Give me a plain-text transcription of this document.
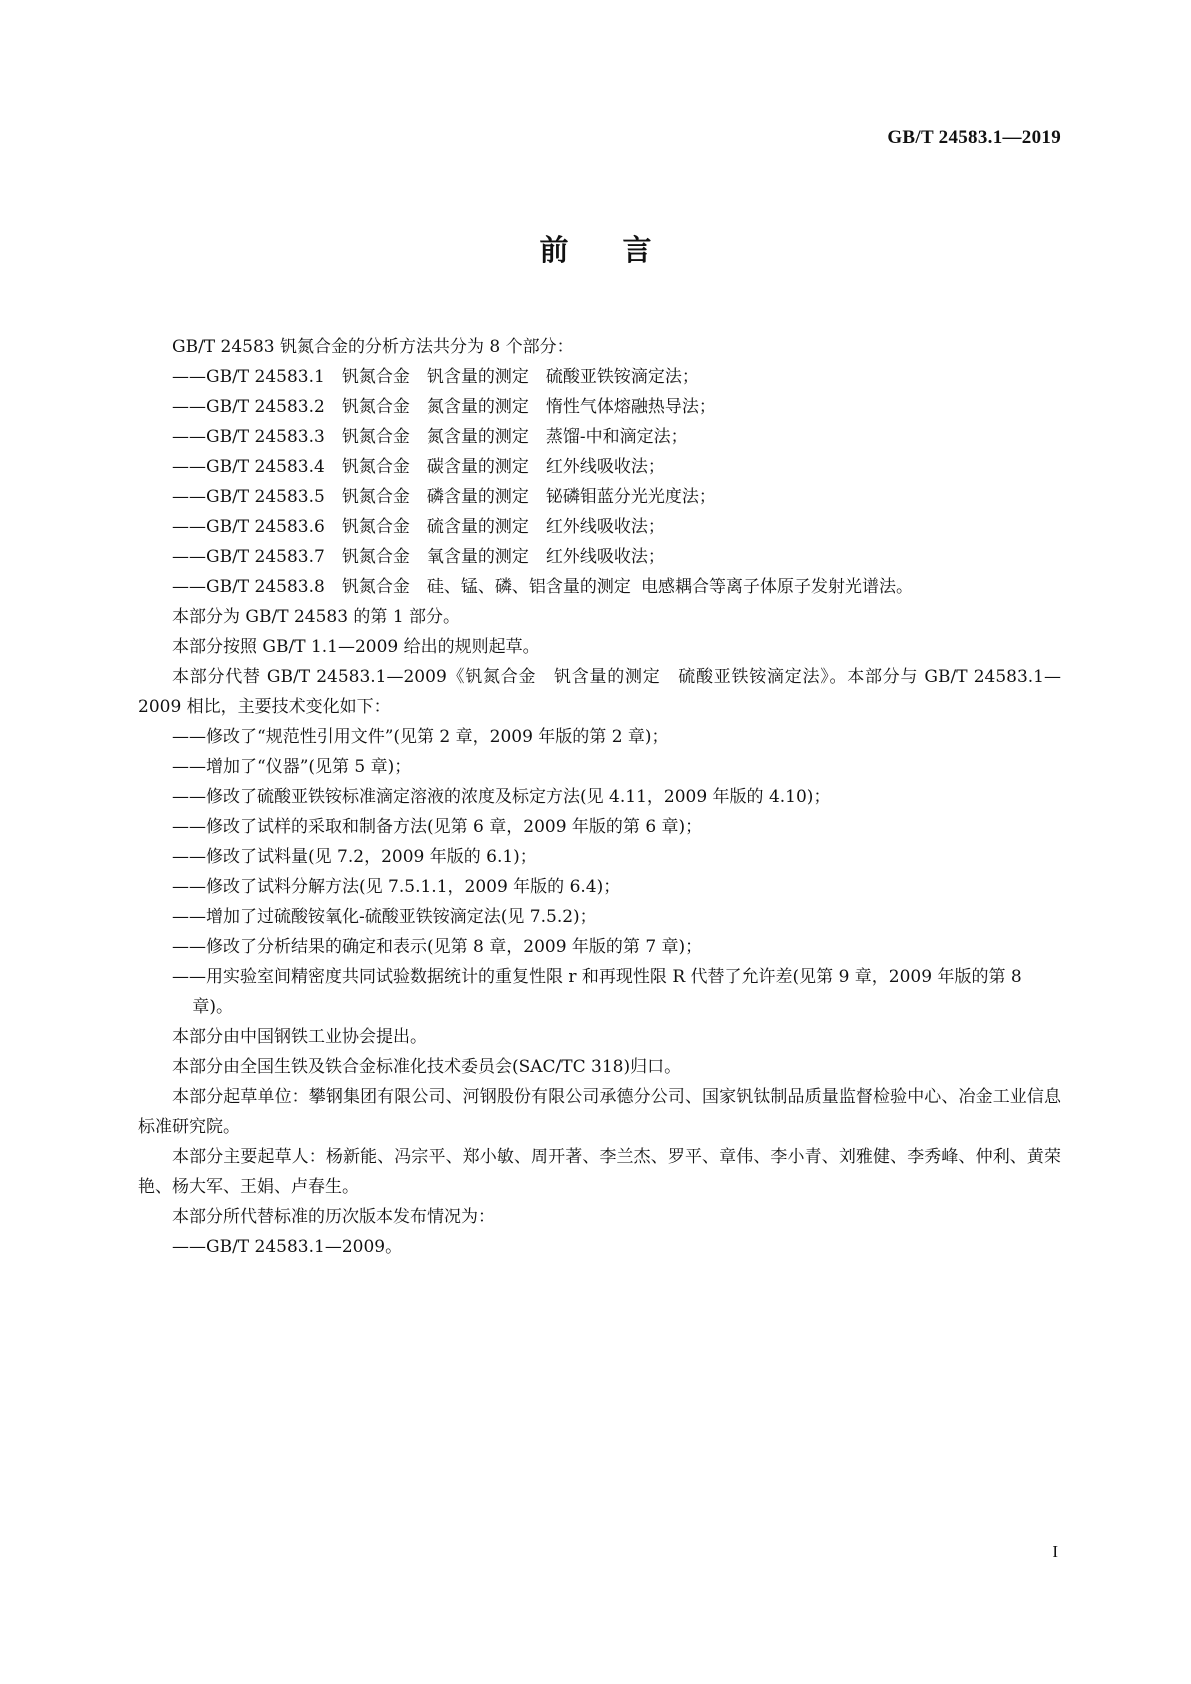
GB/T 24583.1—2019
前言

GB/T 24583 钒氮合金的分析方法共分为 8 个部分：

——GB/T 24583.1 钒氮合金 钒含量的测定 硫酸亚铁铵滴定法；

——GB/T 24583.2 钒氮合金 氮含量的测定 惰性气体熔融热导法；

——GB/T 24583.3 钒氮合金 氮含量的测定 蒸馏-中和滴定法；

——GB/T 24583.4 钒氮合金 碳含量的测定 红外线吸收法；

——GB/T 24583.5 钒氮合金 磷含量的测定 铋磷钼蓝分光光度法；

——GB/T 24583.6 钒氮合金 硫含量的测定 红外线吸收法；

——GB/T 24583.7 钒氮合金 氧含量的测定 红外线吸收法；

——GB/T 24583.8 钒氮合金 硅、锰、磷、铝含量的测定 电感耦合等离子体原子发射光谱法。

本部分为 GB/T 24583 的第 1 部分。

本部分按照 GB/T 1.1—2009 给出的规则起草。

本部分代替 GB/T 24583.1—2009《钒氮合金　钒含量的测定　硫酸亚铁铵滴定法》。本部分与 GB/T 24583.1—2009 相比，主要技术变化如下：

——修改了“规范性引用文件”(见第 2 章，2009 年版的第 2 章)；

——增加了“仪器”(见第 5 章)；

——修改了硫酸亚铁铵标准滴定溶液的浓度及标定方法(见 4.11，2009 年版的 4.10)；

——修改了试样的采取和制备方法(见第 6 章，2009 年版的第 6 章)；

——修改了试料量(见 7.2，2009 年版的 6.1)；

——修改了试料分解方法(见 7.5.1.1，2009 年版的 6.4)；

——增加了过硫酸铵氧化-硫酸亚铁铵滴定法(见 7.5.2)；

——修改了分析结果的确定和表示(见第 8 章，2009 年版的第 7 章)；

——用实验室间精密度共同试验数据统计的重复性限 r 和再现性限 R 代替了允许差(见第 9 章，2009 年版的第 8 章)。

本部分由中国钢铁工业协会提出。

本部分由全国生铁及铁合金标准化技术委员会(SAC/TC 318)归口。

本部分起草单位：攀钢集团有限公司、河钢股份有限公司承德分公司、国家钒钛制品质量监督检验中心、冶金工业信息标准研究院。

本部分主要起草人：杨新能、冯宗平、郑小敏、周开著、李兰杰、罗平、章伟、李小青、刘雅健、李秀峰、仲利、黄荣艳、杨大军、王娟、卢春生。

本部分所代替标准的历次版本发布情况为：

——GB/T 24583.1—2009。

I
